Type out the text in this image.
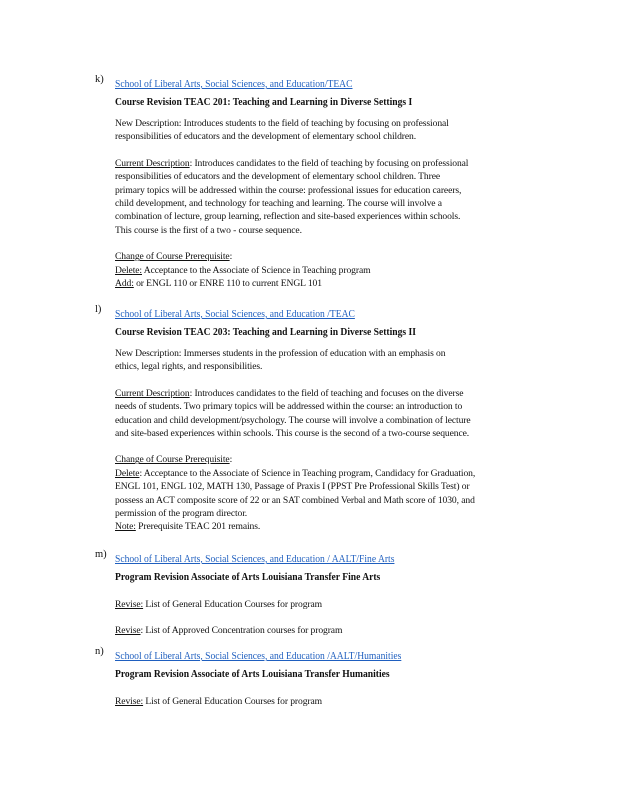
k) School of Liberal Arts, Social Sciences, and Education/TEAC
Course Revision TEAC 201: Teaching and Learning in Diverse Settings I
New Description: Introduces students to the field of teaching by focusing on professional
responsibilities of educators and the development of elementary school children.
Current Description: Introduces candidates to the field of teaching by focusing on professional
responsibilities of educators and the development of elementary school children. Three
primary topics will be addressed within the course: professional issues for education careers,
child development, and technology for teaching and learning. The course will involve a
combination of lecture, group learning, reflection and site-based experiences within schools.
This course is the first of a two - course sequence.
Change of Course Prerequisite:
Delete: Acceptance to the Associate of Science in Teaching program
Add: or ENGL 110 or ENRE 110 to current ENGL 101
l) School of Liberal Arts, Social Sciences, and Education /TEAC
Course Revision TEAC 203: Teaching and Learning in Diverse Settings II
New Description: Immerses students in the profession of education with an emphasis on
ethics, legal rights, and responsibilities.
Current Description: Introduces candidates to the field of teaching and focuses on the diverse
needs of students. Two primary topics will be addressed within the course: an introduction to
education and child development/psychology. The course will involve a combination of lecture
and site-based experiences within schools. This course is the second of a two-course sequence.
Change of Course Prerequisite:
Delete: Acceptance to the Associate of Science in Teaching program, Candidacy for Graduation,
ENGL 101, ENGL 102, MATH 130, Passage of Praxis I (PPST Pre Professional Skills Test) or
possess an ACT composite score of 22 or an SAT combined Verbal and Math score of 1030, and
permission of the program director.
Note: Prerequisite TEAC 201 remains.
m) School of Liberal Arts, Social Sciences, and Education / AALT/Fine Arts
Program Revision Associate of Arts Louisiana Transfer Fine Arts
Revise: List of General Education Courses for program
Revise: List of Approved Concentration courses for program
n) School of Liberal Arts, Social Sciences, and Education /AALT/Humanities
Program Revision Associate of Arts Louisiana Transfer Humanities
Revise: List of General Education Courses for program
